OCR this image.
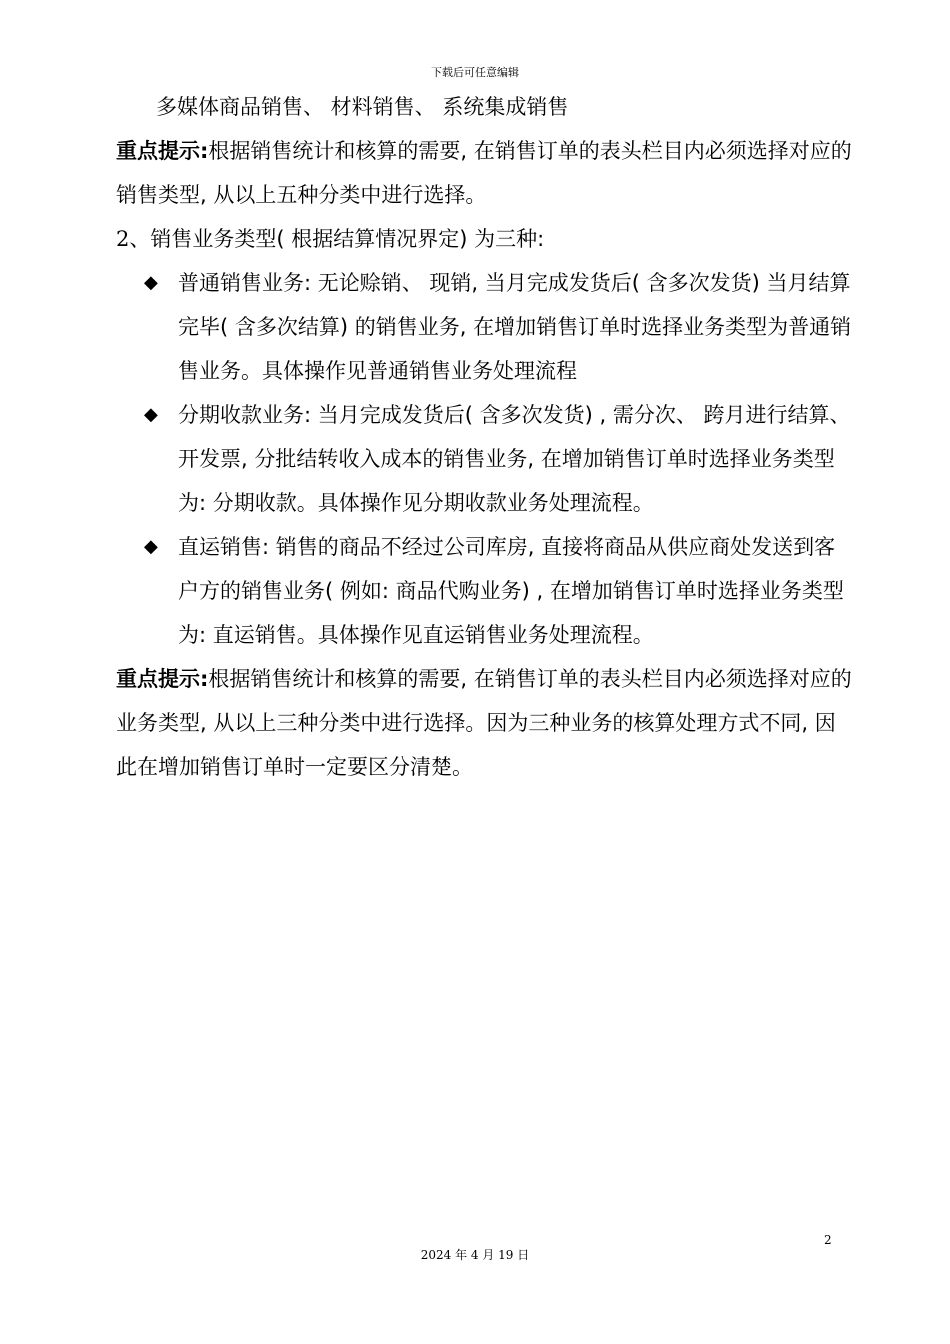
下载后可任意编辑
多媒体商品销售、 材料销售、 系统集成销售

重点提示:根据销售统计和核算的需要, 在销售订单的表头栏目内必须选择对应的销售类型, 从以上五种分类中进行选择。

2、销售业务类型( 根据结算情况界定) 为三种:
◆ 普通销售业务: 无论赊销、 现销, 当月完成发货后( 含多次发货) 当月结算完毕( 含多次结算) 的销售业务, 在增加销售订单时选择业务类型为普通销售业务。具体操作见普通销售业务处理流程
◆ 分期收款业务: 当月完成发货后( 含多次发货) , 需分次、 跨月进行结算、 开发票, 分批结转收入成本的销售业务, 在增加销售订单时选择业务类型为: 分期收款。具体操作见分期收款业务处理流程。
◆ 直运销售: 销售的商品不经过公司库房, 直接将商品从供应商处发送到客户方的销售业务( 例如: 商品代购业务) , 在增加销售订单时选择业务类型为: 直运销售。具体操作见直运销售业务处理流程。

重点提示:根据销售统计和核算的需要, 在销售订单的表头栏目内必须选择对应的业务类型, 从以上三种分类中进行选择。因为三种业务的核算处理方式不同, 因此在增加销售订单时一定要区分清楚。

2
2024 年 4 月 19 日
